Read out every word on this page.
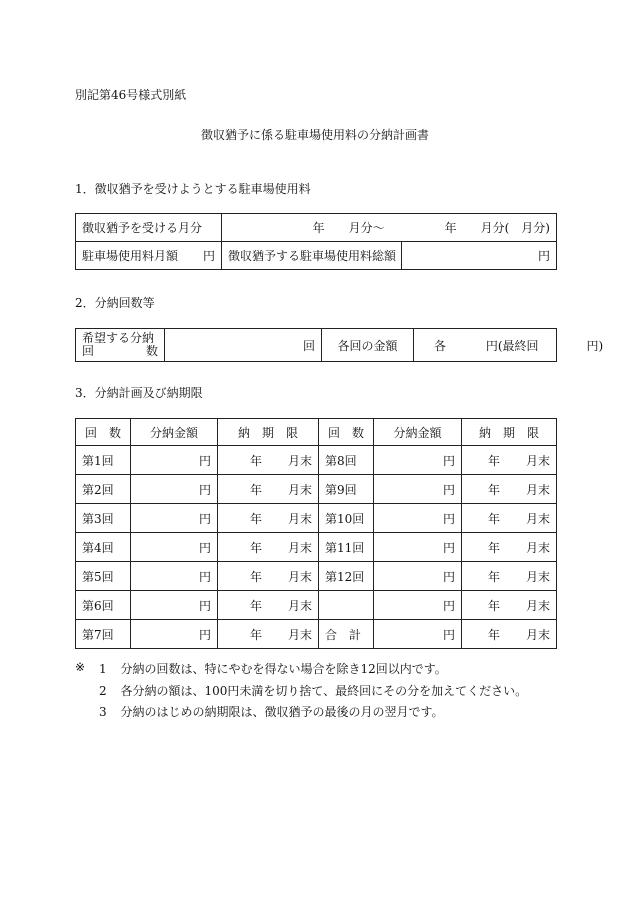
別記第46号様式別紙
徴収猶予に係る駐車場使用料の分納計画書
1．徴収猶予を受けようとする駐車場使用料
徴収猶予を受ける月分	年　　月分～　　　　　年　　月分(　月分)	

駐車場使用料月額 円	徴収猶予する駐車場使用料総額	円
2．分納回数等
希望する分納
回	数	回	各回の金額	各	円(最終回　　　　円)
3．分納計画及び納期限
回　数	分納金額	納　期　限	回　数	分納金額	納　期　限
第1回	円	年 月末	第8回	円	年 月末

第2回	円	年 月末	第9回	円	年 月末

第3回	円	年 月末	第10回	円	年 月末

第4回	円	年 月末	第11回	円	年 月末

第5回	円	年 月末	第12回	円	年 月末

第6回	円	年 月末		円	年 月末

第7回	円	年 月末	合　計	円	年 月末
※ 1 分納の回数は、特にやむを得ない場合を除き12回以内です。
2 各分納の額は、100円未満を切り捨て、最終回にその分を加えてください。
3 分納のはじめの納期限は、徴収猶予の最後の月の翌月です。
